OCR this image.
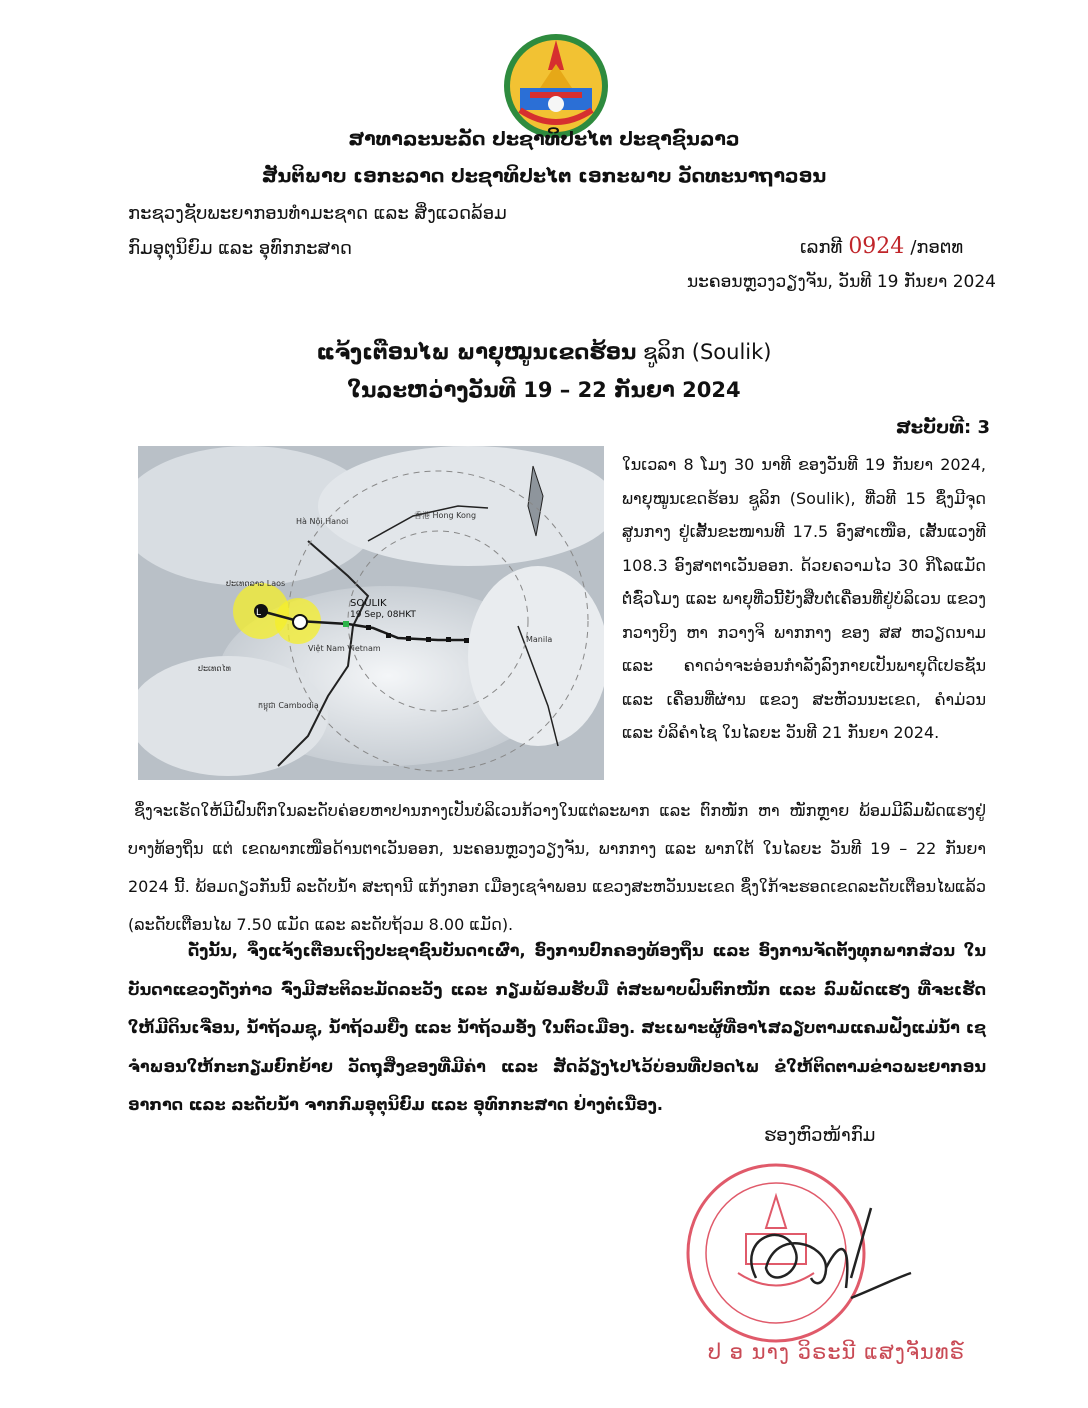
ສາທາລະນະລັດ ປະຊາທິປະໄຕ ປະຊາຊົນລາວ
ສັນຕິພາບ ເອກະລາດ ປະຊາທິປະໄຕ ເອກະພາບ ວັດທະນາຖາວອນ
ກະຊວງຊັບພະຍາກອນທຳມະຊາດ ແລະ ສິ່ງແວດລ້ອມ
ກົມອຸຕຸນິຍົມ ແລະ ອຸທົກກະສາດ	ເລກທີ 0924 /ກອຕທ
ນະຄອນຫຼວງວຽງຈັນ, ວັນທີ 19 ກັນຍາ 2024
ແຈ້ງເຕືອນໄພ ພາຍຸໝູນເຂດຮ້ອນ ຊູລິກ (Soulik)
ໃນລະຫວ່າງວັນທີ 19 – 22 ກັນຍາ 2024
ສະບັບທີ: 3
L
Hà Nội Hanoi
香港 Hong Kong
ປະເທດລາວ Laos
Việt Nam Vietnam
ປະເທດໄທ
កម្ពុជា Cambodia
Manila
SOULIK
19 Sep, 08HKT
ໃນເວລາ 8 ໂມງ 30 ນາທີ ຂອງວັນທີ 19 ກັນຍາ 2024, ພາຍຸໝູນເຂດຮ້ອນ ຊູລິກ (Soulik), ທີ່ວທີ 15 ຊຶ່ງມີຈຸດສູນກາງ ຢູ່ເສັ້ນຂະໜານທີ 17.5 ອົງສາເໜືອ, ເສັ້ນແວງທີ 108.3 ອົງສາຕາເວັນອອກ. ດ້ວຍຄວາມໄວ 30 ກິໂລແມັດຕໍ່ຊົ່ວໂມງ ແລະ ພາຍຸທີ່ວນີ້ຍັງສືບຕໍ່ເຄື່ອນທີ່ຢູ່ບໍລິເວນ ແຂວງ ກວາງບິງ ຫາ ກວາງຈິ ພາກກາງ ຂອງ ສສ ຫວຽດນາມ ແລະ ຄາດວ່າຈະອ່ອນກຳລັງລົງກາຍເປັນພາຍຸດີເປຣຊັນ ແລະ ເຄື່ອນທີ່ຜ່ານ ແຂວງ ສະຫັວນນະເຂດ, ຄຳມ່ວນ ແລະ ບໍລິຄຳໄຊ ໃນໄລຍະ ວັນທີ 21 ກັນຍາ 2024.
ຊຶ່ງຈະເຮັດໃຫ້ມີຝົນຕົກໃນລະດັບຄ່ອຍຫາປານກາງເປັນບໍລິເວນກ້ວາງໃນແຕ່ລະພາກ ແລະ ຕົກໜັກ ຫາ ໜັກຫຼາຍ ພ້ອມມີລົມພັດແຮງຢູ່ບາງທ້ອງຖິ່ນ ແຕ່ ເຂດພາກເໜືອດ້ານຕາເວັນອອກ, ນະຄອນຫຼວງວຽງຈັນ, ພາກກາງ ແລະ ພາກໃຕ້ ໃນໄລຍະ ວັນທີ 19 – 22 ກັນຍາ 2024 ນີ້. ພ້ອມດຽວກັນນີ້ ລະດັບນ້ຳ ສະຖານີ ແກ້ງກອກ ເມືອງເຊຈຳພອນ ແຂວງສະຫວັນນະເຂດ ຊຶ່ງໃກ້ຈະຮອດເຂດລະດັບເຕືອນໄພແລ້ວ (ລະດັບເຕືອນໄພ 7.50 ແມັດ ແລະ ລະດັບຖ້ວມ 8.00 ແມັດ).
ດັ່ງນັ້ນ, ຈຶ່ງແຈ້ງເຕືອນເຖິງປະຊາຊົນບັນດາເຜົ່າ, ອົງການປົກຄອງທ້ອງຖິ່ນ ແລະ ອົງການຈັດຕັ້ງທຸກພາກສ່ວນ ໃນບັນດາແຂວງດັ່ງກ່າວ ຈົ່ງມີສະຕິລະມັດລະວັງ ແລະ ກຽມພ້ອມຮັບມື ຕໍ່ສະພາບຝົນຕົກໜັກ ແລະ ລົມພັດແຮງ ທີ່ຈະເຮັດໃຫ້ມີດິນເຈື່ອນ, ນ້ຳຖ້ວມຊຸ, ນ້ຳຖ້ວມຍື່ງ ແລະ ນ້ຳຖ້ວມອັ່ງ ໃນຕົວເມືອງ. ສະເພາະຜູ້ທີ່ອາໄສລຽບຕາມແຄມຝັ່ງແມ່ນ້ຳ ເຊຈຳພອນໃຫ້ກະກຽມຍົກຍ້າຍ ວັດຖຸສິ່ງຂອງທີ່ມີຄ່າ ແລະ ສັດລ້ຽງໄປໄວ້ບ່ອນທີ່ປອດໄພ ຂໍໃຫ້ຕິດຕາມຂ່າວພະຍາກອນອາກາດ ແລະ ລະດັບນ້ຳ ຈາກກົມອຸຕຸນິຍົມ ແລະ ອຸທົກກະສາດ ຢ່າງຕໍ່ເນື່ອງ.
ຮອງຫົວໜ້າກົມ
ປ ອ ນາງ ວິຣະນີ ແສງຈັນທຣ໌
